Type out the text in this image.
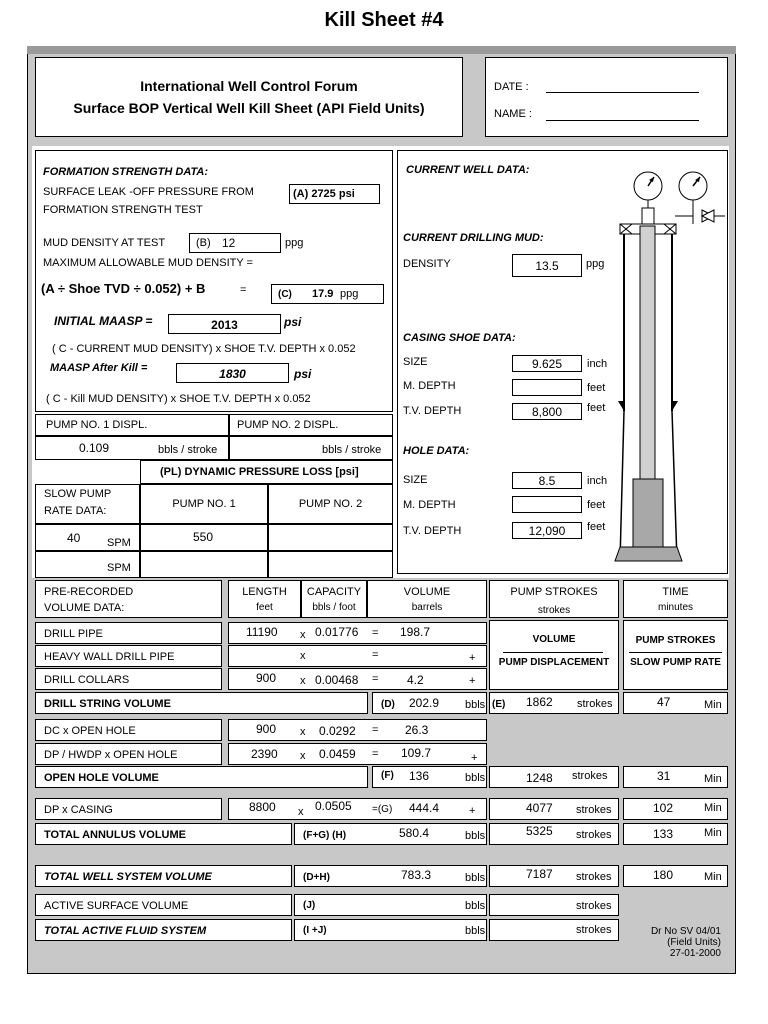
Kill Sheet #4
International Well Control Forum
Surface BOP Vertical Well Kill Sheet (API Field Units)
DATE :
NAME :
FORMATION STRENGTH DATA:
SURFACE LEAK -OFF PRESSURE FROM
FORMATION STRENGTH TEST
(A) 2725 psi
MUD DENSITY AT TEST	(B) 12	ppg
MAXIMUM ALLOWABLE MUD DENSITY =
(A ÷ Shoe TVD ÷ 0.052) + B	=	(C) 17.9 ppg
INITIAL MAASP =	2013	psi
( C - CURRENT MUD DENSITY) x SHOE T.V. DEPTH x 0.052
MAASP After Kill =	1830	psi
( C - Kill MUD DENSITY) x SHOE T.V. DEPTH x 0.052
PUMP NO. 1 DISPL.	PUMP NO. 2 DISPL.
0.109	bbls / stroke	bbls / stroke
(PL) DYNAMIC PRESSURE LOSS [psi]
SLOW PUMP
RATE DATA:
PUMP NO. 1	PUMP NO. 2
40 SPM	550
SPM
CURRENT WELL DATA:
CURRENT DRILLING MUD:
DENSITY	13.5	ppg
CASING SHOE DATA:
SIZE	9.625	inch
M. DEPTH	feet
T.V. DEPTH	8,800	feet
HOLE DATA:
SIZE	8.5	inch
M. DEPTH	feet
T.V. DEPTH	12,090	feet
PRE-RECORDED
VOLUME DATA:
LENGTH
feet
CAPACITY
bbls / foot
VOLUME
barrels
PUMP STROKES
strokes
TIME
minutes
VOLUME
PUMP DISPLACEMENT
PUMP STROKES
SLOW PUMP RATE
DRILL PIPE	11190 x 0.01776 = 198.7
HEAVY WALL DRILL PIPE	x	=	+
DRILL COLLARS	900 x 0.00468 = 4.2	+
DRILL STRING VOLUME	(D) 202.9 bbls (E) 1862 strokes	47	Min
DC x OPEN HOLE	900 x 0.0292 = 26.3
DP / HWDP x OPEN HOLE	2390 x 0.0459 = 109.7	+
OPEN HOLE VOLUME	(F) 136	bbls	1248 strokes	31	Min
DP x CASING	8800 x 0.0505 =(G) 444.4	+	4077 strokes	102	Min
TOTAL ANNULUS VOLUME	(F+G) (H)	580.4	bbls	5325 strokes	133	Min
TOTAL WELL SYSTEM VOLUME	(D+H)	783.3	bbls	7187 strokes	180	Min
ACTIVE SURFACE VOLUME	(J)	bbls	strokes
TOTAL ACTIVE FLUID SYSTEM	(I +J)	bbls	strokes	Dr No SV 04/01
(Field Units)
27-01-2000
